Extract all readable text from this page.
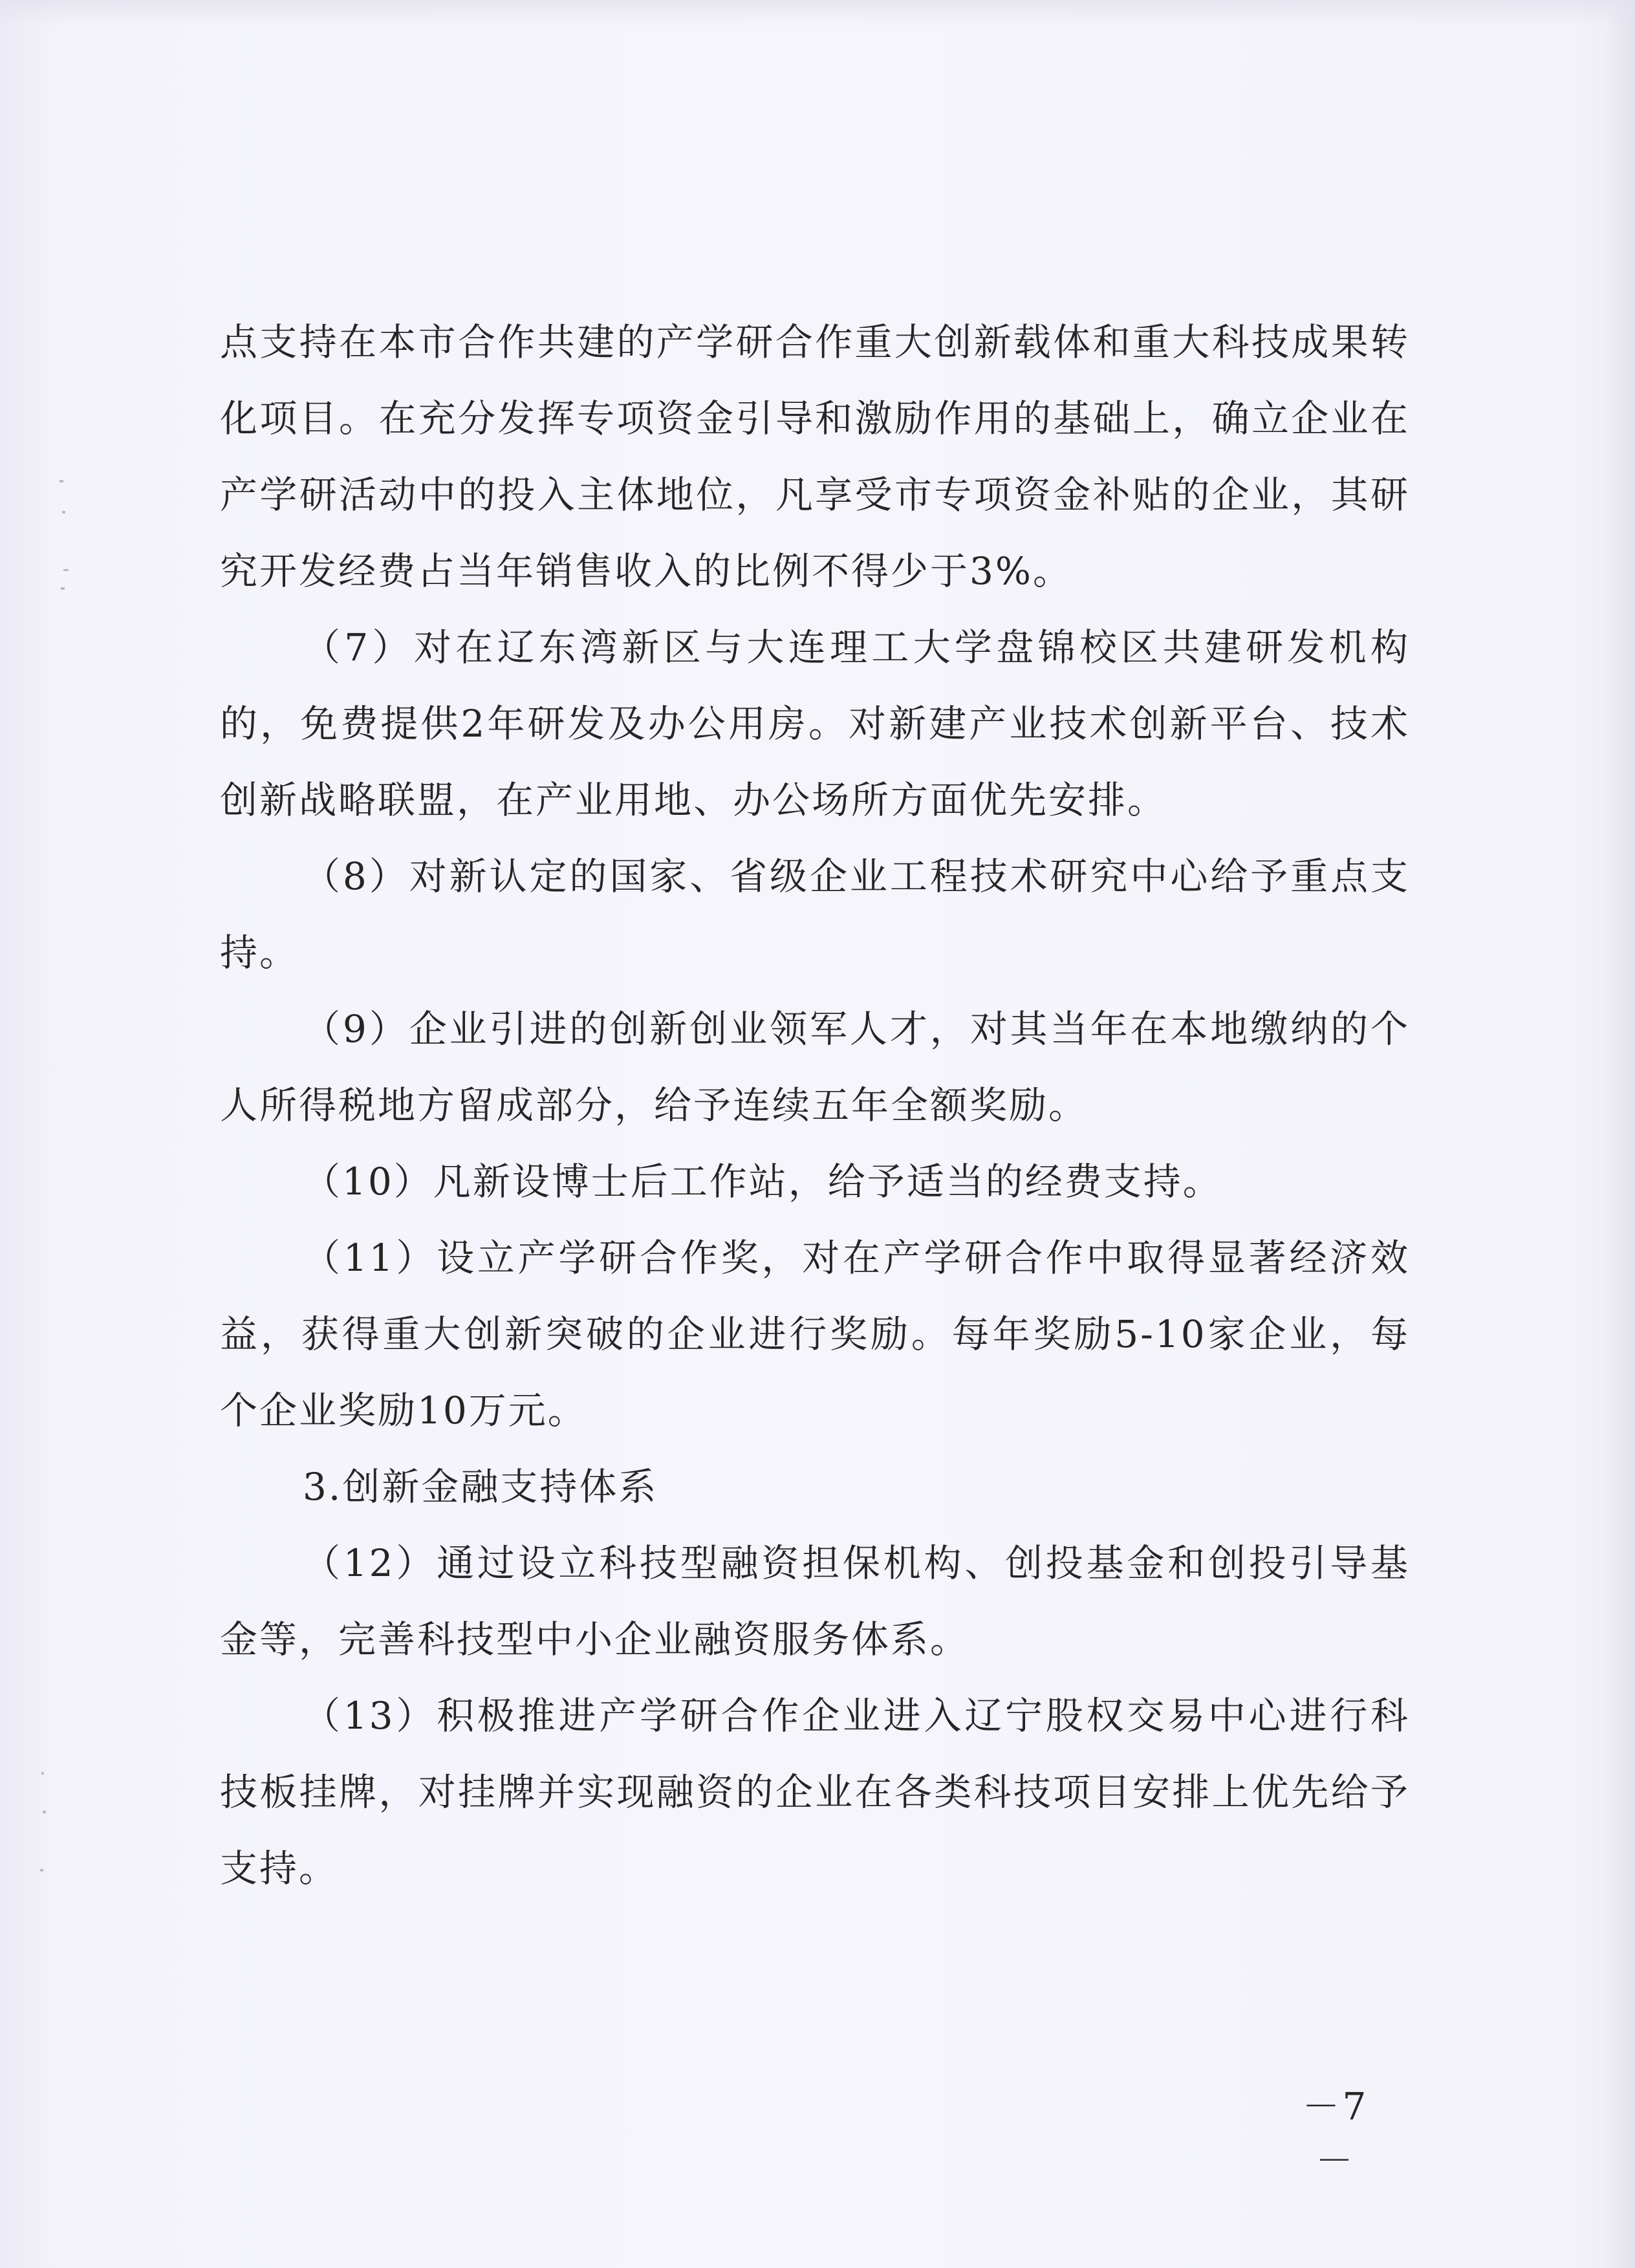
点支持在本市合作共建的产学研合作重大创新载体和重大科技成果转化项目。在充分发挥专项资金引导和激励作用的基础上，确立企业在产学研活动中的投入主体地位，凡享受市专项资金补贴的企业，其研究开发经费占当年销售收入的比例不得少于3%。

（7）对在辽东湾新区与大连理工大学盘锦校区共建研发机构的，免费提供2年研发及办公用房。对新建产业技术创新平台、技术创新战略联盟，在产业用地、办公场所方面优先安排。

（8）对新认定的国家、省级企业工程技术研究中心给予重点支持。

（9）企业引进的创新创业领军人才，对其当年在本地缴纳的个人所得税地方留成部分，给予连续五年全额奖励。

（10）凡新设博士后工作站，给予适当的经费支持。

（11）设立产学研合作奖，对在产学研合作中取得显著经济效益，获得重大创新突破的企业进行奖励。每年奖励5-10家企业，每个企业奖励10万元。

3.创新金融支持体系

（12）通过设立科技型融资担保机构、创投基金和创投引导基金等，完善科技型中小企业融资服务体系。

（13）积极推进产学研合作企业进入辽宁股权交易中心进行科技板挂牌，对挂牌并实现融资的企业在各类科技项目安排上优先给予支持。

－7－
